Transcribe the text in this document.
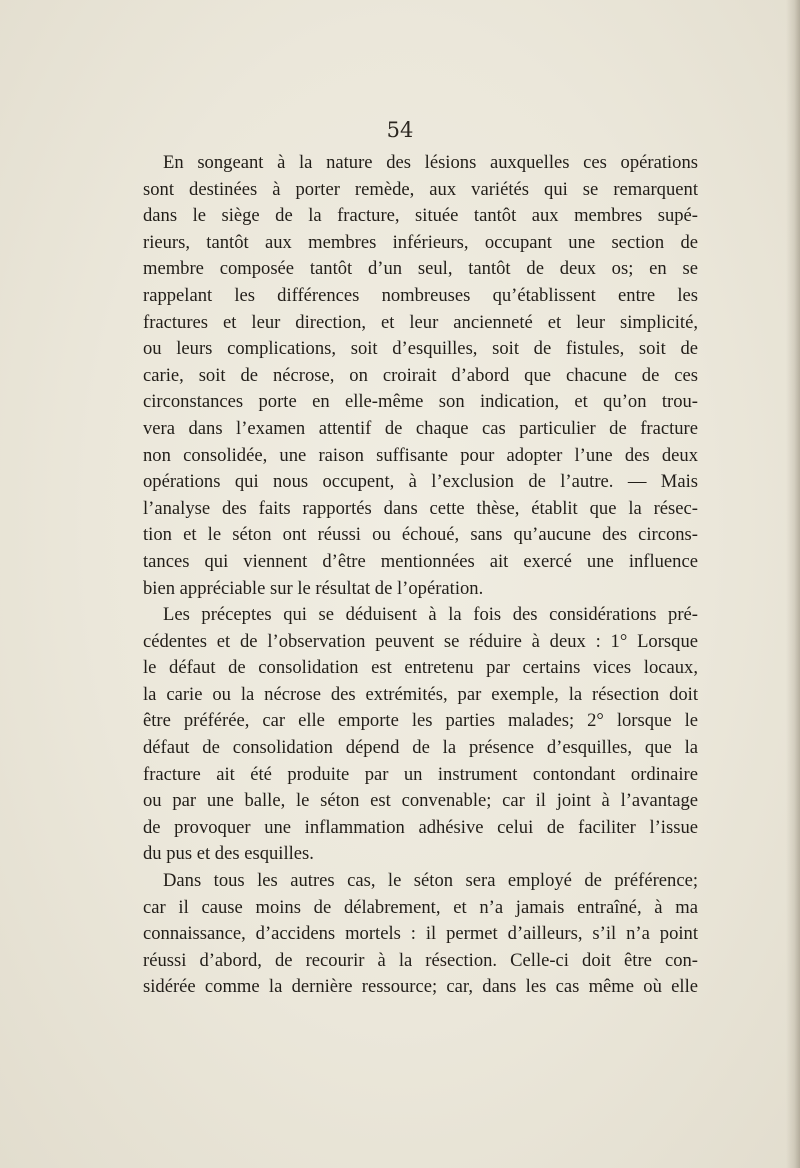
54

En songeant à la nature des lésions auxquelles ces opérations
sont destinées à porter remède, aux variétés qui se remarquent
dans le siège de la fracture, située tantôt aux membres supé-
rieurs, tantôt aux membres inférieurs, occupant une section de
membre composée tantôt d’un seul, tantôt de deux os; en se
rappelant les différences nombreuses qu’établissent entre les
fractures et leur direction, et leur ancienneté et leur simplicité,
ou leurs complications, soit d’esquilles, soit de fistules, soit de
carie, soit de nécrose, on croirait d’abord que chacune de ces
circonstances porte en elle-même son indication, et qu’on trou-
vera dans l’examen attentif de chaque cas particulier de fracture
non consolidée, une raison suffisante pour adopter l’une des deux
opérations qui nous occupent, à l’exclusion de l’autre. — Mais
l’analyse des faits rapportés dans cette thèse, établit que la résec-
tion et le séton ont réussi ou échoué, sans qu’aucune des circons-
tances qui viennent d’être mentionnées ait exercé une influence
bien appréciable sur le résultat de l’opération.
Les préceptes qui se déduisent à la fois des considérations pré-
cédentes et de l’observation peuvent se réduire à deux : 1° Lorsque
le défaut de consolidation est entretenu par certains vices locaux,
la carie ou la nécrose des extrémités, par exemple, la résection doit
être préférée, car elle emporte les parties malades; 2° lorsque le
défaut de consolidation dépend de la présence d’esquilles, que la
fracture ait été produite par un instrument contondant ordinaire
ou par une balle, le séton est convenable; car il joint à l’avantage
de provoquer une inflammation adhésive celui de faciliter l’issue
du pus et des esquilles.
Dans tous les autres cas, le séton sera employé de préférence;
car il cause moins de délabrement, et n’a jamais entraîné, à ma
connaissance, d’accidens mortels : il permet d’ailleurs, s’il n’a point
réussi d’abord, de recourir à la résection. Celle-ci doit être con-
sidérée comme la dernière ressource; car, dans les cas même où elle
